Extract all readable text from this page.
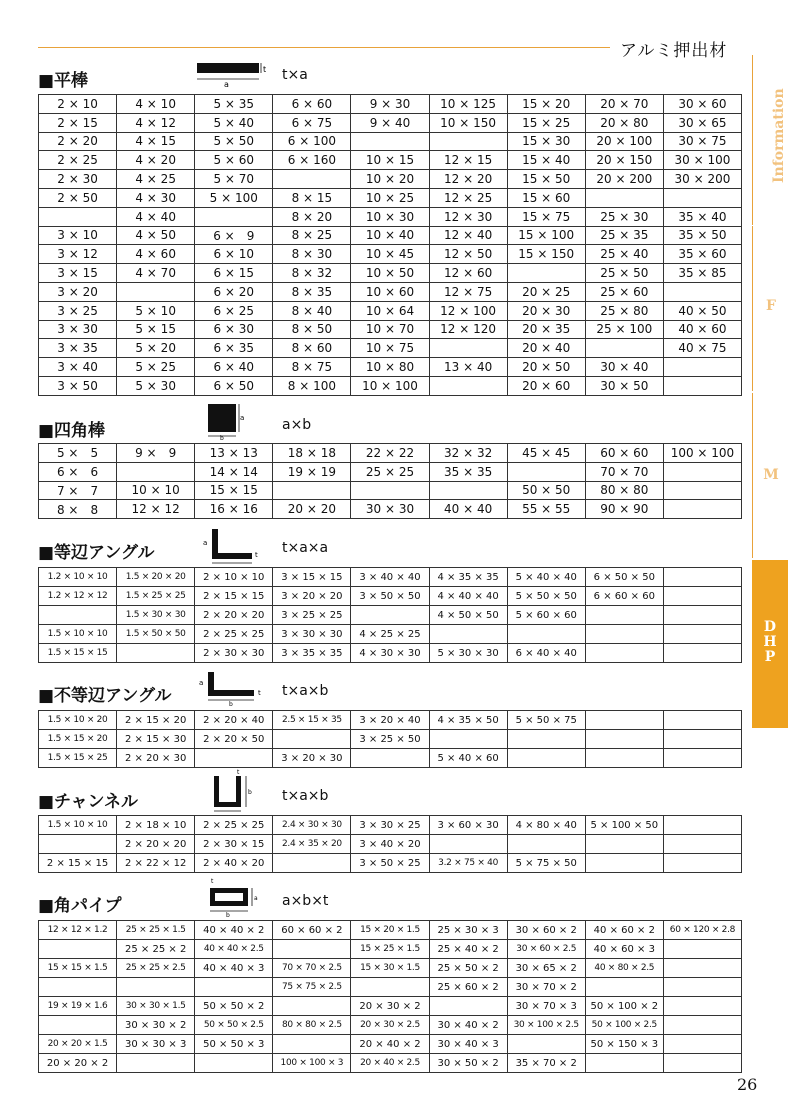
アルミ押出材
Information
F
M
D H P
■平棒
t
a
t×a
2 × 10	4 × 10	5 × 35	6 × 60	9 × 30	10 × 125	15 × 20	20 × 70	30 × 60
2 × 15	4 × 12	5 × 40	6 × 75	9 × 40	10 × 150	15 × 25	20 × 80	30 × 65
2 × 20	4 × 15	5 × 50	6 × 100			15 × 30	20 × 100	30 × 75
2 × 25	4 × 20	5 × 60	6 × 160	10 × 15	12 × 15	15 × 40	20 × 150	30 × 100
2 × 30	4 × 25	5 × 70		10 × 20	12 × 20	15 × 50	20 × 200	30 × 200
2 × 50	4 × 30	5 × 100	8 × 15	10 × 25	12 × 25	15 × 60		
	4 × 40		8 × 20	10 × 30	12 × 30	15 × 75	25 × 30	35 × 40
3 × 10	4 × 50	6 ×　9	8 × 25	10 × 40	12 × 40	15 × 100	25 × 35	35 × 50
3 × 12	4 × 60	6 × 10	8 × 30	10 × 45	12 × 50	15 × 150	25 × 40	35 × 60
3 × 15	4 × 70	6 × 15	8 × 32	10 × 50	12 × 60		25 × 50	35 × 85
3 × 20		6 × 20	8 × 35	10 × 60	12 × 75	20 × 25	25 × 60	
3 × 25	5 × 10	6 × 25	8 × 40	10 × 64	12 × 100	20 × 30	25 × 80	40 × 50
3 × 30	5 × 15	6 × 30	8 × 50	10 × 70	12 × 120	20 × 35	25 × 100	40 × 60
3 × 35	5 × 20	6 × 35	8 × 60	10 × 75		20 × 40		40 × 75
3 × 40	5 × 25	6 × 40	8 × 75	10 × 80	13 × 40	20 × 50	30 × 40	
3 × 50	5 × 30	6 × 50	8 × 100	10 × 100		20 × 60	30 × 50	
■四角棒
a
b
a×b
5 ×　5	9 ×　9	13 × 13	18 × 18	22 × 22	32 × 32	45 × 45	60 × 60	100 × 100
6 ×　6		14 × 14	19 × 19	25 × 25	35 × 35		70 × 70	
7 ×　7	10 × 10	15 × 15				50 × 50	80 × 80	
8 ×　8	12 × 12	16 × 16	20 × 20	30 × 30	40 × 40	55 × 55	90 × 90	
■等辺アングル	a
t t×a×a
1.2 × 10 × 10	1.5 × 20 × 20	2 × 10 × 10	3 × 15 × 15	3 × 40 × 40	4 × 35 × 35	5 × 40 × 40	6 × 50 × 50	
1.2 × 12 × 12	1.5 × 25 × 25	2 × 15 × 15	3 × 20 × 20	3 × 50 × 50	4 × 40 × 40	5 × 50 × 50	6 × 60 × 60	
	1.5 × 30 × 30	2 × 20 × 20	3 × 25 × 25		4 × 50 × 50	5 × 60 × 60		
1.5 × 10 × 10	1.5 × 50 × 50	2 × 25 × 25	3 × 30 × 30	4 × 25 × 25				
1.5 × 15 × 15		2 × 30 × 30	3 × 35 × 35	4 × 30 × 30	5 × 30 × 30	6 × 40 × 40		
■不等辺アングル
a
t
b
t×a×b
1.5 × 10 × 20	2 × 15 × 20	2 × 20 × 40	2.5 × 15 × 35	3 × 20 × 40	4 × 35 × 50	5 × 50 × 75		
1.5 × 15 × 20	2 × 15 × 30	2 × 20 × 50		3 × 25 × 50				
1.5 × 15 × 25	2 × 20 × 30		3 × 20 × 30		5 × 40 × 60			
■チャンネル
t
b t×a×b
1.5 × 10 × 10	2 × 18 × 10	2 × 25 × 25	2.4 × 30 × 30	3 × 30 × 25	3 × 60 × 30	4 × 80 × 40	5 × 100 × 50	
	2 × 20 × 20	2 × 30 × 15	2.4 × 35 × 20	3 × 40 × 20				
2 × 15 × 15	2 × 22 × 12	2 × 40 × 20		3 × 50 × 25	3.2 × 75 × 40	5 × 75 × 50		
■角パイプ
t
a
b
a×b×t
12 × 12 × 1.2	25 × 25 × 1.5	40 × 40 × 2	60 × 60 × 2	15 × 20 × 1.5	25 × 30 × 3	30 × 60 × 2	40 × 60 × 2	60 × 120 × 2.8
	25 × 25 × 2	40 × 40 × 2.5		15 × 25 × 1.5	25 × 40 × 2	30 × 60 × 2.5	40 × 60 × 3	
15 × 15 × 1.5	25 × 25 × 2.5	40 × 40 × 3	70 × 70 × 2.5	15 × 30 × 1.5	25 × 50 × 2	30 × 65 × 2	40 × 80 × 2.5	
			75 × 75 × 2.5		25 × 60 × 2	30 × 70 × 2		
19 × 19 × 1.6	30 × 30 × 1.5	50 × 50 × 2		20 × 30 × 2		30 × 70 × 3	50 × 100 × 2	
	30 × 30 × 2	50 × 50 × 2.5	80 × 80 × 2.5	20 × 30 × 2.5	30 × 40 × 2	30 × 100 × 2.5	50 × 100 × 2.5	
20 × 20 × 1.5	30 × 30 × 3	50 × 50 × 3		20 × 40 × 2	30 × 40 × 3		50 × 150 × 3	
20 × 20 × 2			100 × 100 × 3	20 × 40 × 2.5	30 × 50 × 2	35 × 70 × 2		
26
